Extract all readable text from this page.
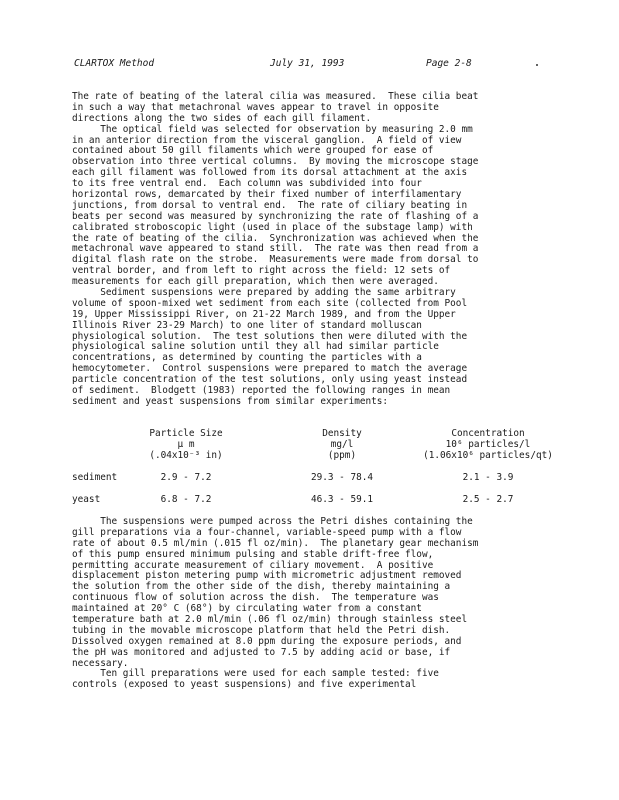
CLARTOX Method	July 31, 1993	Page 2-8
The rate of beating of the lateral cilia was measured.  These cilia beat
in such a way that metachronal waves appear to travel in opposite
directions along the two sides of each gill filament.
The optical field was selected for observation by measuring 2.0 mm
in an anterior direction from the visceral ganglion.  A field of view
contained about 50 gill filaments which were grouped for ease of
observation into three vertical columns.  By moving the microscope stage
each gill filament was followed from its dorsal attachment at the axis
to its free ventral end.  Each column was subdivided into four
horizontal rows, demarcated by their fixed number of interfilamentary
junctions, from dorsal to ventral end.  The rate of ciliary beating in
beats per second was measured by synchronizing the rate of flashing of a
calibrated stroboscopic light (used in place of the substage lamp) with
the rate of beating of the cilia.  Synchronization was achieved when the
metachronal wave appeared to stand still.  The rate was then read from a
digital flash rate on the strobe.  Measurements were made from dorsal to
ventral border, and from left to right across the field: 12 sets of
measurements for each gill preparation, which then were averaged.
Sediment suspensions were prepared by adding the same arbitrary
volume of spoon-mixed wet sediment from each site (collected from Pool
19, Upper Mississippi River, on 21-22 March 1989, and from the Upper
Illinois River 23-29 March) to one liter of standard molluscan
physiological solution.  The test solutions then were diluted with the
physiological saline solution until they all had similar particle
concentrations, as determined by counting the particles with a
hemocytometer.  Control suspensions were prepared to match the average
particle concentration of the test solutions, only using yeast instead
of sediment.  Blodgett (1983) reported the following ranges in mean
sediment and yeast suspensions from similar experiments:
Particle Size	Density	Concentration
µ m	mg/l	10⁶ particles/l
(.04x10⁻³ in)	(ppm)	(1.06x10⁶ particles/qt)
sediment	2.9 - 7.2	29.3 - 78.4	2.1 - 3.9
yeast	6.8 - 7.2	46.3 - 59.1	2.5 - 2.7
The suspensions were pumped across the Petri dishes containing the
gill preparations via a four-channel, variable-speed pump with a flow
rate of about 0.5 ml/min (.015 fl oz/min).  The planetary gear mechanism
of this pump ensured minimum pulsing and stable drift-free flow,
permitting accurate measurement of ciliary movement.  A positive
displacement piston metering pump with micrometric adjustment removed
the solution from the other side of the dish, thereby maintaining a
continuous flow of solution across the dish.  The temperature was
maintained at 20° C (68°) by circulating water from a constant
temperature bath at 2.0 ml/min (.06 fl oz/min) through stainless steel
tubing in the movable microscope platform that held the Petri dish.
Dissolved oxygen remained at 8.0 ppm during the exposure periods, and
the pH was monitored and adjusted to 7.5 by adding acid or base, if
necessary.
Ten gill preparations were used for each sample tested: five
controls (exposed to yeast suspensions) and five experimental
